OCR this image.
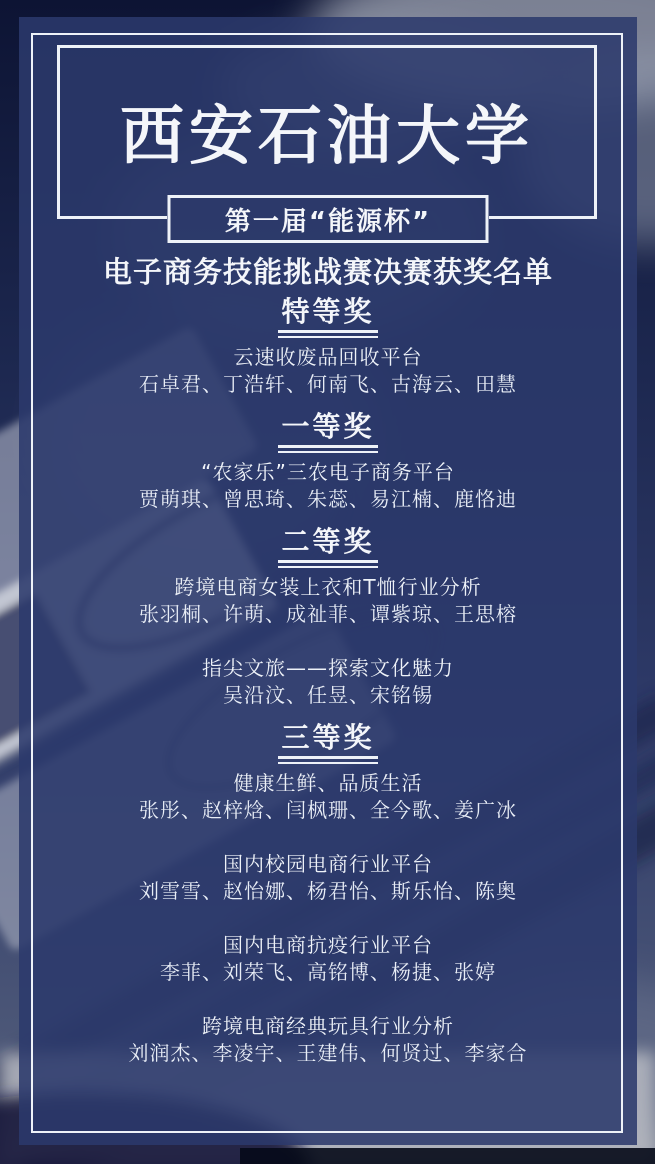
西安石油大学
第一届“能源杯”
电子商务技能挑战赛决赛获奖名单
特等奖
云速收废品回收平台
石卓君、丁浩轩、何南飞、古海云、田慧
一等奖
“农家乐”三农电子商务平台
贾萌琪、曾思琦、朱蕊、易江楠、鹿恪迪
二等奖
跨境电商女装上衣和T恤行业分析
张羽桐、许萌、成祉菲、谭紫琼、王思榕
指尖文旅——探索文化魅力
吴沿汶、任昱、宋铭锡
三等奖
健康生鲜、品质生活
张彤、赵梓焓、闫枫珊、全今歌、姜广冰
国内校园电商行业平台
刘雪雪、赵怡娜、杨君怡、斯乐怡、陈奥
国内电商抗疫行业平台
李菲、刘荣飞、高铭博、杨捷、张婷
跨境电商经典玩具行业分析
刘润杰、李凌宇、王建伟、何贤过、李家合
